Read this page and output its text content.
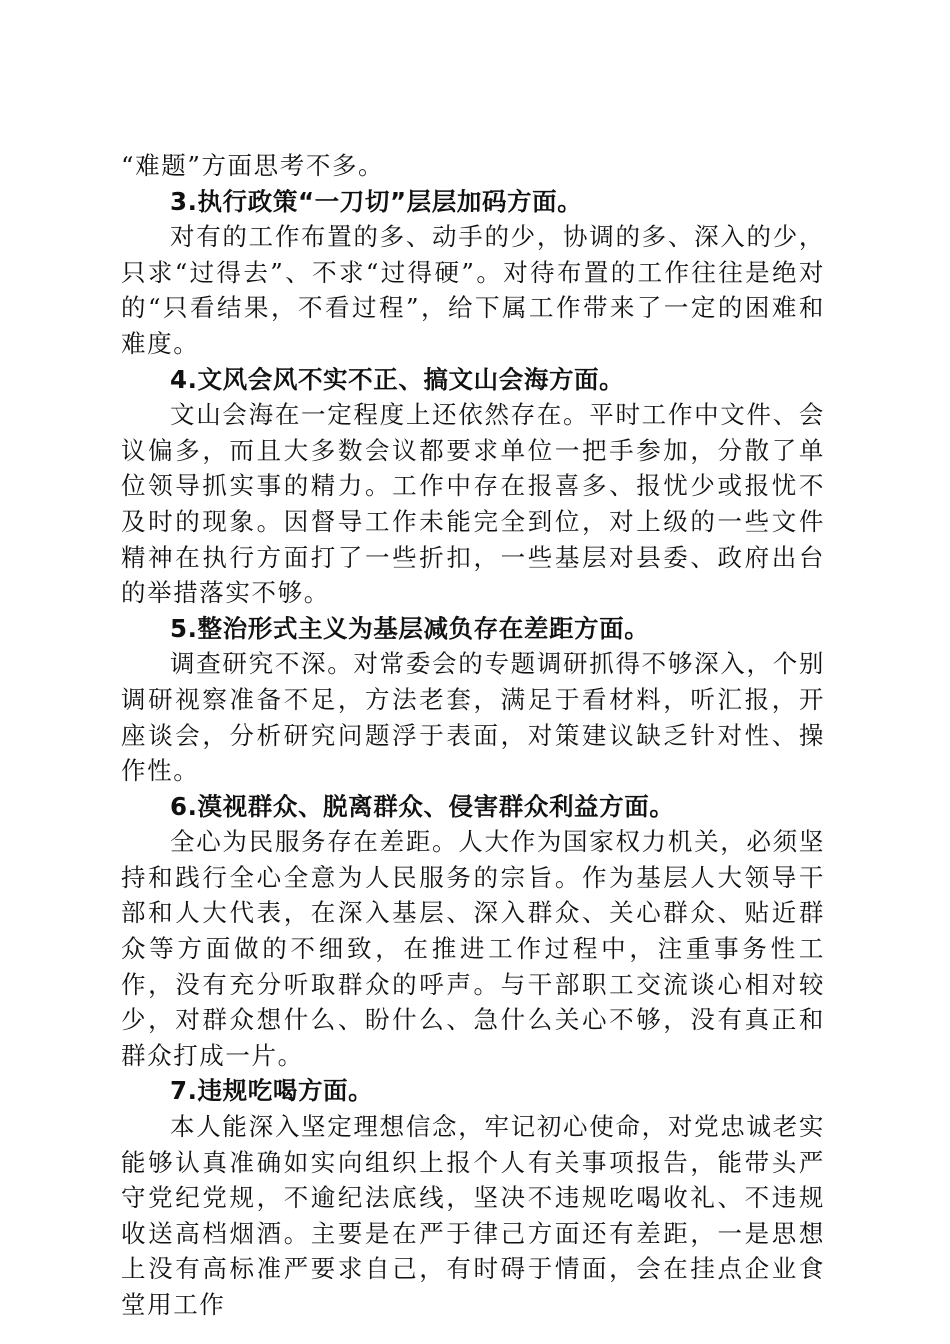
“难题”方面思考不多。

3.执行政策“一刀切”层层加码方面。

对有的工作布置的多、动手的少，协调的多、深入的少，只求“过得去”、不求“过得硬”。对待布置的工作往往是绝对的“只看结果，不看过程”，给下属工作带来了一定的困难和难度。

4.文风会风不实不正、搞文山会海方面。

文山会海在一定程度上还依然存在。平时工作中文件、会议偏多，而且大多数会议都要求单位一把手参加，分散了单位领导抓实事的精力。工作中存在报喜多、报忧少或报忧不及时的现象。因督导工作未能完全到位，对上级的一些文件精神在执行方面打了一些折扣，一些基层对县委、政府出台的举措落实不够。

5.整治形式主义为基层减负存在差距方面。

调查研究不深。对常委会的专题调研抓得不够深入，个别调研视察准备不足，方法老套，满足于看材料，听汇报，开座谈会，分析研究问题浮于表面，对策建议缺乏针对性、操作性。

6.漠视群众、脱离群众、侵害群众利益方面。

全心为民服务存在差距。人大作为国家权力机关，必须坚持和践行全心全意为人民服务的宗旨。作为基层人大领导干部和人大代表，在深入基层、深入群众、关心群众、贴近群众等方面做的不细致，在推进工作过程中，注重事务性工作，没有充分听取群众的呼声。与干部职工交流谈心相对较少，对群众想什么、盼什么、急什么关心不够，没有真正和群众打成一片。

7.违规吃喝方面。

本人能深入坚定理想信念，牢记初心使命，对党忠诚老实能够认真准确如实向组织上报个人有关事项报告，能带头严守党纪党规，不逾纪法底线，坚决不违规吃喝收礼、不违规收送高档烟酒。主要是在严于律己方面还有差距，一是思想上没有高标准严要求自己，有时碍于情面，会在挂点企业食堂用工作
